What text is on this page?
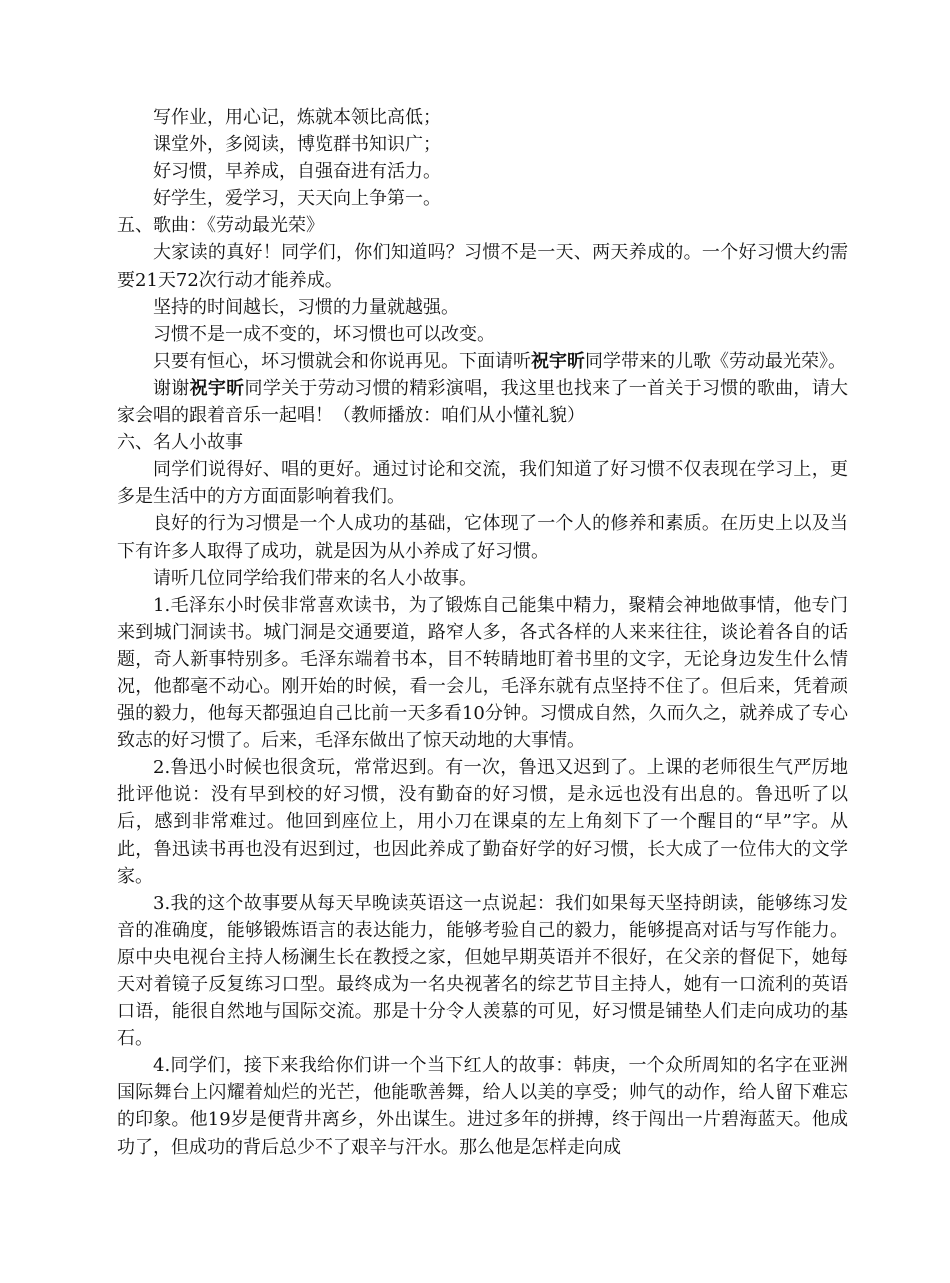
写作业，用心记，炼就本领比高低；

课堂外，多阅读，博览群书知识广；

好习惯，早养成，自强奋进有活力。

好学生，爱学习，天天向上争第一。

五、歌曲：《劳动最光荣》

大家读的真好！同学们，你们知道吗？习惯不是一天、两天养成的。一个好习惯大约需要21天72次行动才能养成。

坚持的时间越长，习惯的力量就越强。

习惯不是一成不变的，坏习惯也可以改变。

只要有恒心，坏习惯就会和你说再见。下面请听祝宇昕同学带来的儿歌《劳动最光荣》。

谢谢祝宇昕同学关于劳动习惯的精彩演唱，我这里也找来了一首关于习惯的歌曲，请大家会唱的跟着音乐一起唱！（教师播放：咱们从小懂礼貌）

六、名人小故事

同学们说得好、唱的更好。通过讨论和交流，我们知道了好习惯不仅表现在学习上，更多是生活中的方方面面影响着我们。

良好的行为习惯是一个人成功的基础，它体现了一个人的修养和素质。在历史上以及当下有许多人取得了成功，就是因为从小养成了好习惯。

请听几位同学给我们带来的名人小故事。

1.毛泽东小时侯非常喜欢读书，为了锻炼自己能集中精力，聚精会神地做事情，他专门来到城门洞读书。城门洞是交通要道，路窄人多，各式各样的人来来往往，谈论着各自的话题，奇人新事特别多。毛泽东端着书本，目不转睛地盯着书里的文字，无论身边发生什么情况，他都毫不动心。刚开始的时候，看一会儿，毛泽东就有点坚持不住了。但后来，凭着顽强的毅力，他每天都强迫自己比前一天多看10分钟。习惯成自然，久而久之，就养成了专心致志的好习惯了。后来，毛泽东做出了惊天动地的大事情。

2.鲁迅小时候也很贪玩，常常迟到。有一次，鲁迅又迟到了。上课的老师很生气严厉地批评他说：没有早到校的好习惯，没有勤奋的好习惯，是永远也没有出息的。鲁迅听了以后，感到非常难过。他回到座位上，用小刀在课桌的左上角刻下了一个醒目的“早”字。从此，鲁迅读书再也没有迟到过，也因此养成了勤奋好学的好习惯，长大成了一位伟大的文学家。

3.我的这个故事要从每天早晚读英语这一点说起：我们如果每天坚持朗读，能够练习发音的准确度，能够锻炼语言的表达能力，能够考验自己的毅力，能够提高对话与写作能力。原中央电视台主持人杨澜生长在教授之家，但她早期英语并不很好，在父亲的督促下，她每天对着镜子反复练习口型。最终成为一名央视著名的综艺节目主持人，她有一口流利的英语口语，能很自然地与国际交流。那是十分令人羡慕的可见，好习惯是铺垫人们走向成功的基石。

4.同学们，接下来我给你们讲一个当下红人的故事：韩庚，一个众所周知的名字在亚洲国际舞台上闪耀着灿烂的光芒，他能歌善舞，给人以美的享受；帅气的动作，给人留下难忘的印象。他19岁是便背井离乡，外出谋生。进过多年的拼搏，终于闯出一片碧海蓝天。他成功了，但成功的背后总少不了艰辛与汗水。那么他是怎样走向成
